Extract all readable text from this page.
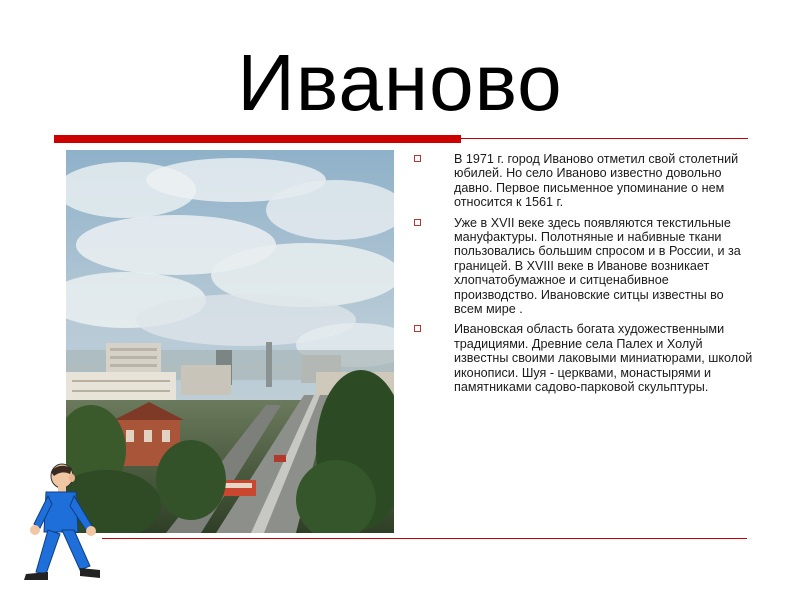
Иваново
В 1971 г. город Иваново отметил свой столетний юбилей. Но село Иваново известно довольно давно. Первое письменное упоминание о нем относится к 1561 г.
Уже в XVII веке здесь появляются текстильные мануфактуры. Полотняные и набивные ткани пользовались большим спросом и в России, и за границей. В XVIII веке в Иванове возникает хлопчатобумажное и ситценабивное производство. Ивановские ситцы известны во всем мире .
Ивановская область богата художественными традициями. Древние села Палех и Холуй известны своими лаковыми миниатюрами, школой иконописи. Шуя - церквами, монастырями и памятниками садово-парковой скульптуры.
